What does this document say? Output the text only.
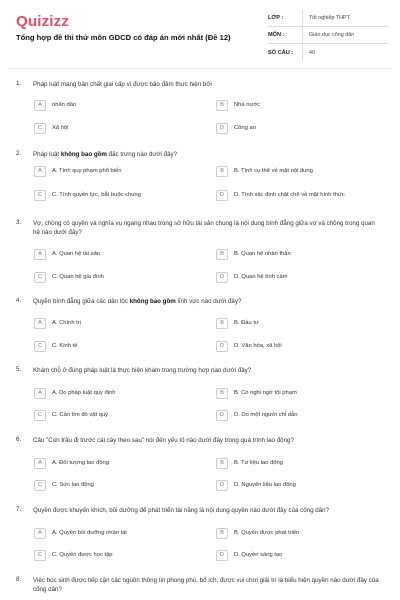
Quizizz
Tổng hợp đề thi thử môn GDCD có đáp án mới nhất (Đề 12)
LỚP :	Tốt nghiệp THPT
MÔN :	Giáo dục công dân
SỐ CÂU :	40
1. Pháp luật mang bản chất giai cấp vì được bảo đảm thực hiện bởi

A	nhân dân	B	Nhà nước
C	Xã hội	D	Công an
2. Pháp luật không bao gồm đặc trưng nào dưới đây?

A	A. Tính quy phạm phổ biến	B	B. Tính cụ thể về mặt nội dung
C	C. Tính quyền lực, bắt buộc chung	D	D. Tính xác định chặt chẽ về mặt hình thức
3. Vợ, chồng có quyền và nghĩa vụ ngang nhau trong sở hữu tài sản chung là nội dung bình đẳng giữa vợ và chồng trong quan hệ nào dưới đây?

A	A. Quan hệ tài sản	B	B. Quan hệ nhân thân
C	C. Quan hệ gia đình	D	D. Quan hệ tình cảm
4. Quyền bình đẳng giữa các dân tộc không bao gồm lĩnh vực nào dưới đây?

A	A. Chính trị	B	B. Đầu tư
C	C. Kinh tế	D	D. Văn hóa, xã hội
5. Khám chỗ ở đúng pháp luật là thực hiện khám trong trường hợp nào dưới đây?

A	A. Do pháp luật quy định	B	B. Có nghi ngờ tội phạm
C	C. Cần tìm đồ vật quý	D	D. Do một người chỉ dẫn
6. Câu "Con trâu đi trước cái cày theo sau" nói đến yếu tố nào dưới đây trong quá trình lao động?

A	A. Đối tượng lao động	B	B. Tư liệu lao động
C	C. Sức lao động	D	D. Nguyên liệu lao động
7. Quyền được khuyến khích, bồi dưỡng để phát triển tài năng là nội dung quyền nào dưới đây của công dân?

A	A. Quyền bồi dưỡng nhân tài	B	B. Quyền được phát triển
C	C. Quyền được học tập	D	D. Quyền sáng tạo
8. Việc học sinh được tiếp cận các nguồn thông tin phong phú, bổ ích, được vui chơi giải trí là biểu hiện quyền nào dưới đây của công dân?
